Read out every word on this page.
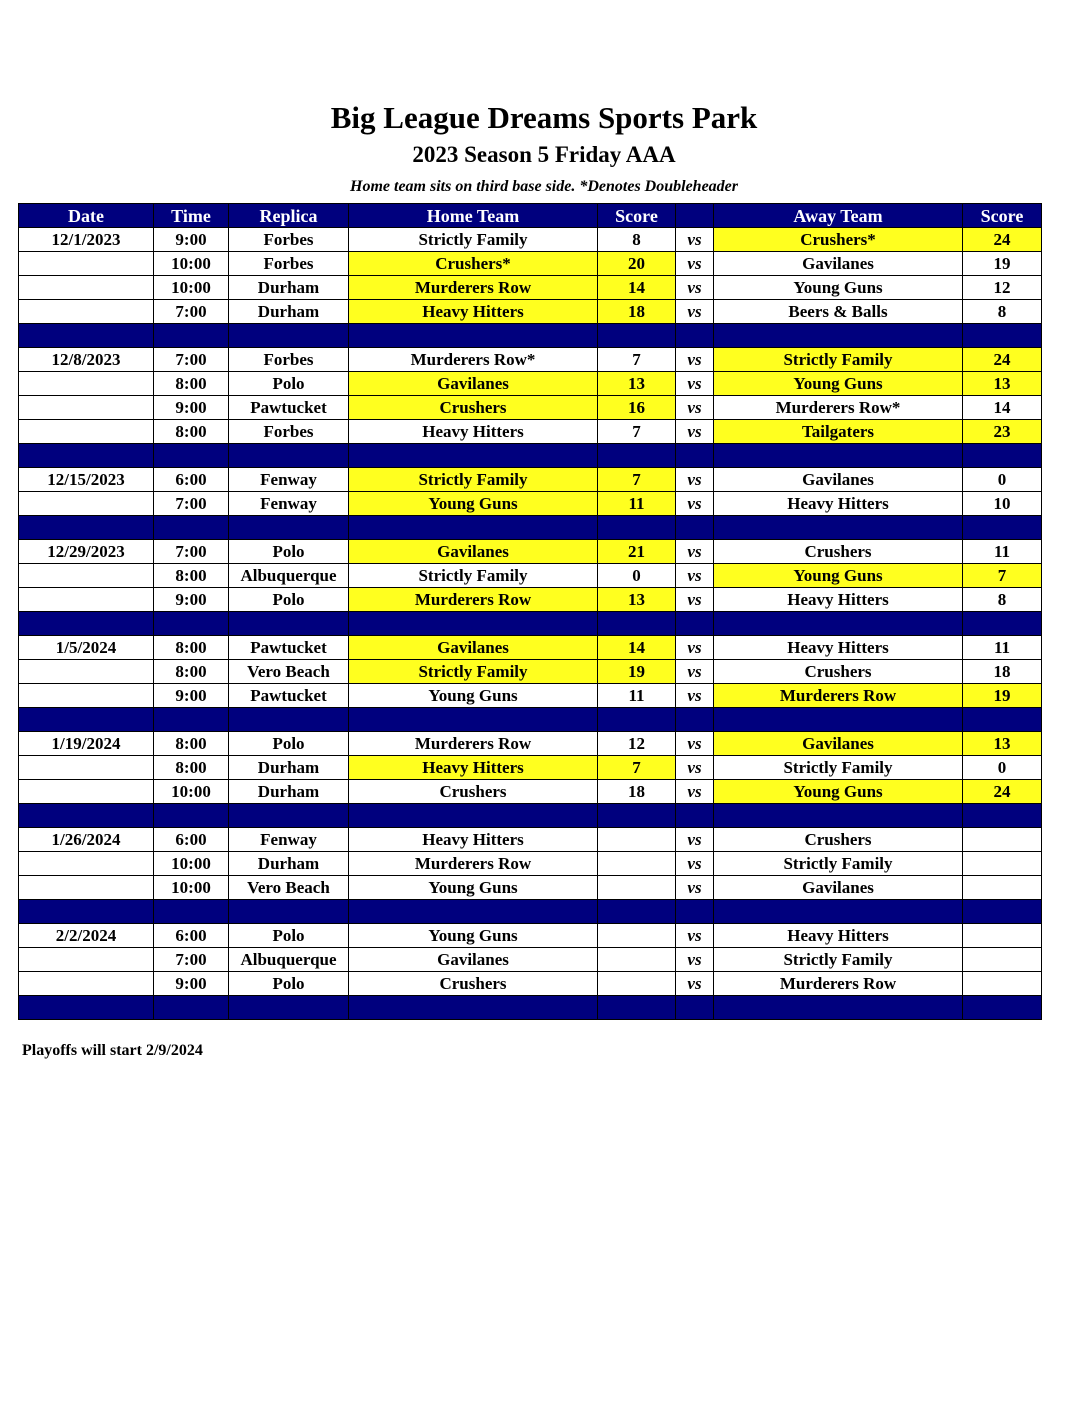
Big League Dreams Sports Park
2023 Season 5 Friday AAA
Home team sits on third base side. *Denotes Doubleheader
Date	Time	Replica	Home Team	Score		Away Team	Score
12/1/2023	9:00	Forbes	Strictly Family	8	vs	Crushers*	24
	10:00	Forbes	Crushers*	20	vs	Gavilanes	19
	10:00	Durham	Murderers Row	14	vs	Young Guns	12
	7:00	Durham	Heavy Hitters	18	vs	Beers & Balls	8

12/8/2023	7:00	Forbes	Murderers Row*	7	vs	Strictly Family	24
	8:00	Polo	Gavilanes	13	vs	Young Guns	13
	9:00	Pawtucket	Crushers	16	vs	Murderers Row*	14
	8:00	Forbes	Heavy Hitters	7	vs	Tailgaters	23

12/15/2023	6:00	Fenway	Strictly Family	7	vs	Gavilanes	0
	7:00	Fenway	Young Guns	11	vs	Heavy Hitters	10

12/29/2023	7:00	Polo	Gavilanes	21	vs	Crushers	11
	8:00	Albuquerque	Strictly Family	0	vs	Young Guns	7
	9:00	Polo	Murderers Row	13	vs	Heavy Hitters	8

1/5/2024	8:00	Pawtucket	Gavilanes	14	vs	Heavy Hitters	11
	8:00	Vero Beach	Strictly Family	19	vs	Crushers	18
	9:00	Pawtucket	Young Guns	11	vs	Murderers Row	19

1/19/2024	8:00	Polo	Murderers Row	12	vs	Gavilanes	13
	8:00	Durham	Heavy Hitters	7	vs	Strictly Family	0
	10:00	Durham	Crushers	18	vs	Young Guns	24

1/26/2024	6:00	Fenway	Heavy Hitters		vs	Crushers	
	10:00	Durham	Murderers Row		vs	Strictly Family	
	10:00	Vero Beach	Young Guns		vs	Gavilanes	

2/2/2024	6:00	Polo	Young Guns		vs	Heavy Hitters	
	7:00	Albuquerque	Gavilanes		vs	Strictly Family	
	9:00	Polo	Crushers		vs	Murderers Row	

Playoffs will start 2/9/2024
